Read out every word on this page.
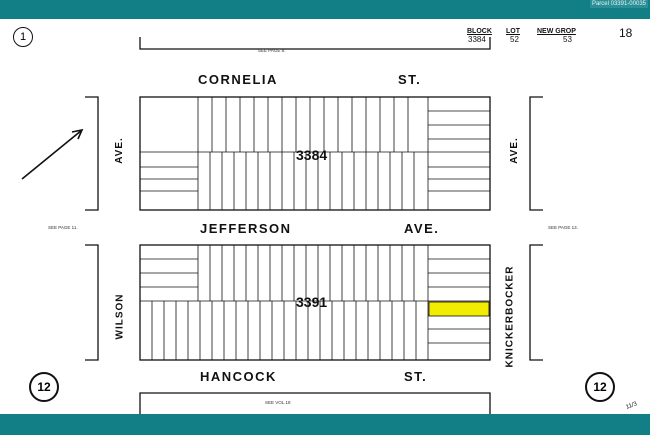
Parcel 03391-00035
BLOCK
3384
LOT
52
NEW GROP
53	18
1
12	12
CORNELIA	ST.
JEFFERSON	AVE.
HANCOCK	ST.
AVE.
WILSON
AVE.
KNICKERBOCKER
3384
3391
SEE PAGE 8.
SEE PAGE 11.	SEE PAGE 13.
SEE VOL.18	11/3
